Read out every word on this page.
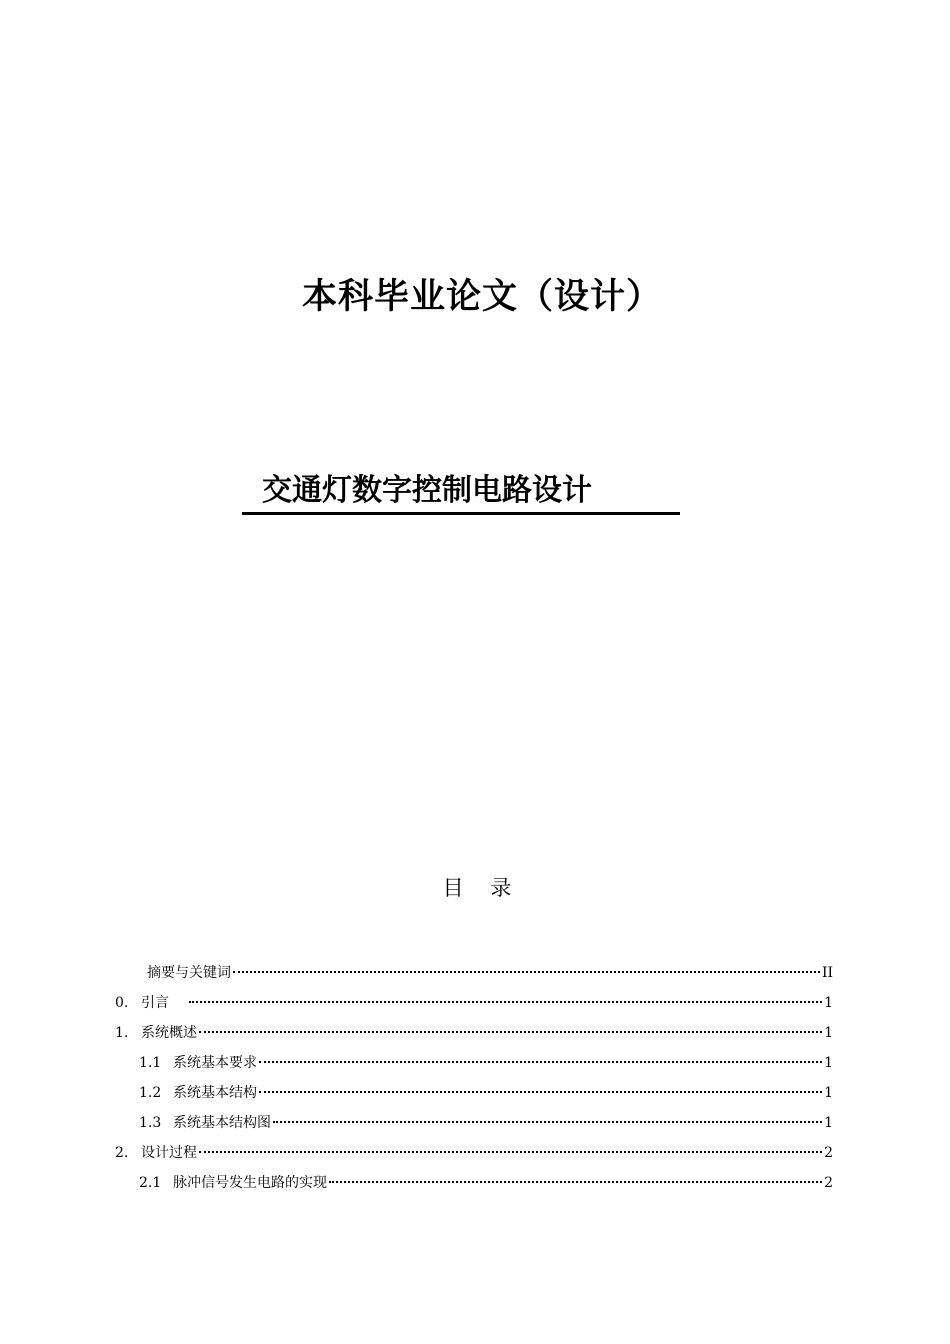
本科毕业论文（设计）
交通灯数字控制电路设计
目 录
摘要与关键词	II
0. 引言	1
1. 系统概述	1
1.1 系统基本要求	1
1.2 系统基本结构	1
1.3 系统基本结构图	1
2. 设计过程	2
2.1 脉冲信号发生电路的实现	2
